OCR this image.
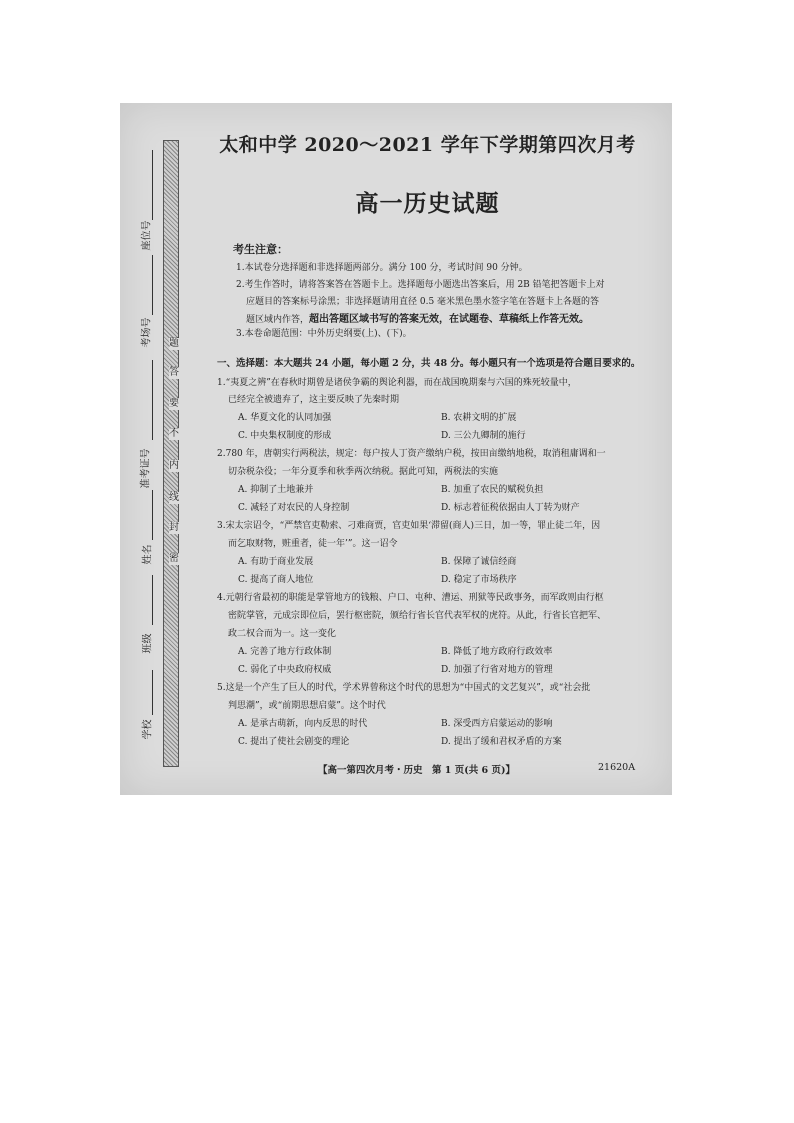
题
答
要
不
内
线
封
密
座位号
考场号
准考证号
姓名
班级
学校
太和中学 2020～2021 学年下学期第四次月考
高一历史试题
考生注意：
1.本试卷分选择题和非选择题两部分。满分 100 分，考试时间 90 分钟。
2.考生作答时，请将答案答在答题卡上。选择题每小题选出答案后，用 2B 铅笔把答题卡上对
应题目的答案标号涂黑；非选择题请用直径 0.5 毫米黑色墨水签字笔在答题卡上各题的答
题区域内作答，超出答题区域书写的答案无效，在试题卷、草稿纸上作答无效。
3.本卷命题范围：中外历史纲要(上)、(下)。
一、选择题：本大题共 24 小题，每小题 2 分，共 48 分。每小题只有一个选项是符合题目要求的。
1.“夷夏之辨”在春秋时期曾是诸侯争霸的舆论利器，而在战国晚期秦与六国的殊死较量中，
已经完全被遗弃了，这主要反映了先秦时期
A. 华夏文化的认同加强	B. 农耕文明的扩展
C. 中央集权制度的形成	D. 三公九卿制的施行
2.780 年，唐朝实行两税法，规定：每户按人丁资产缴纳户税，按田亩缴纳地税，取消租庸调和一
切杂税杂役；一年分夏季和秋季两次纳税。据此可知，两税法的实施
A. 抑制了土地兼并	B. 加重了农民的赋税负担
C. 减轻了对农民的人身控制	D. 标志着征税依据由人丁转为财产
3.宋太宗诏令，“严禁官吏勒索、刁难商贾，官吏如果‘滞留(商人)三日，加一等，罪止徒二年，因
而乞取财物，赃重者，徒一年’”。这一诏令
A. 有助于商业发展	B. 保障了诚信经商
C. 提高了商人地位	D. 稳定了市场秩序
4.元朝行省最初的职能是掌管地方的钱粮、户口、屯种、漕运、刑狱等民政事务，而军政则由行枢
密院掌管，元成宗即位后，罢行枢密院，颁给行省长官代表军权的虎符。从此，行省长官把军、
政二权合而为一。这一变化
A. 完善了地方行政体制	B. 降低了地方政府行政效率
C. 弱化了中央政府权威	D. 加强了行省对地方的管理
5.这是一个产生了巨人的时代，学术界曾称这个时代的思想为“中国式的文艺复兴”，或“社会批
判思潮”，或“前期思想启蒙”。这个时代
A. 是承古萌新，向内反思的时代	B. 深受西方启蒙运动的影响
C. 提出了使社会剧变的理论	D. 提出了缓和君权矛盾的方案
【高一第四次月考・历史　第 1 页(共 6 页)】	21620A
